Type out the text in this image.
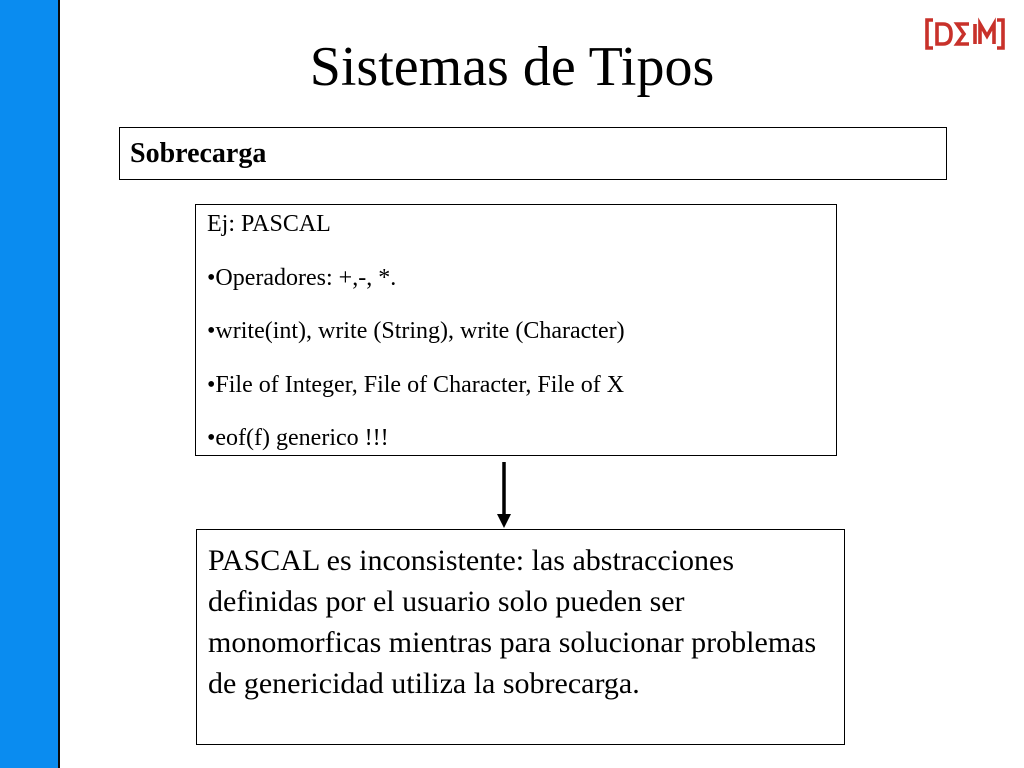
Sistemas de Tipos
Sobrecarga

Ej: PASCAL

•Operadores: +,-, *.
•write(int), write (String), write (Character)
•File of Integer, File of Character, File of X
•eof(f) generico !!!

PASCAL es inconsistente: las abstracciones definidas por el usuario solo pueden ser monomorficas mientras para solucionar problemas de genericidad utiliza la sobrecarga.
